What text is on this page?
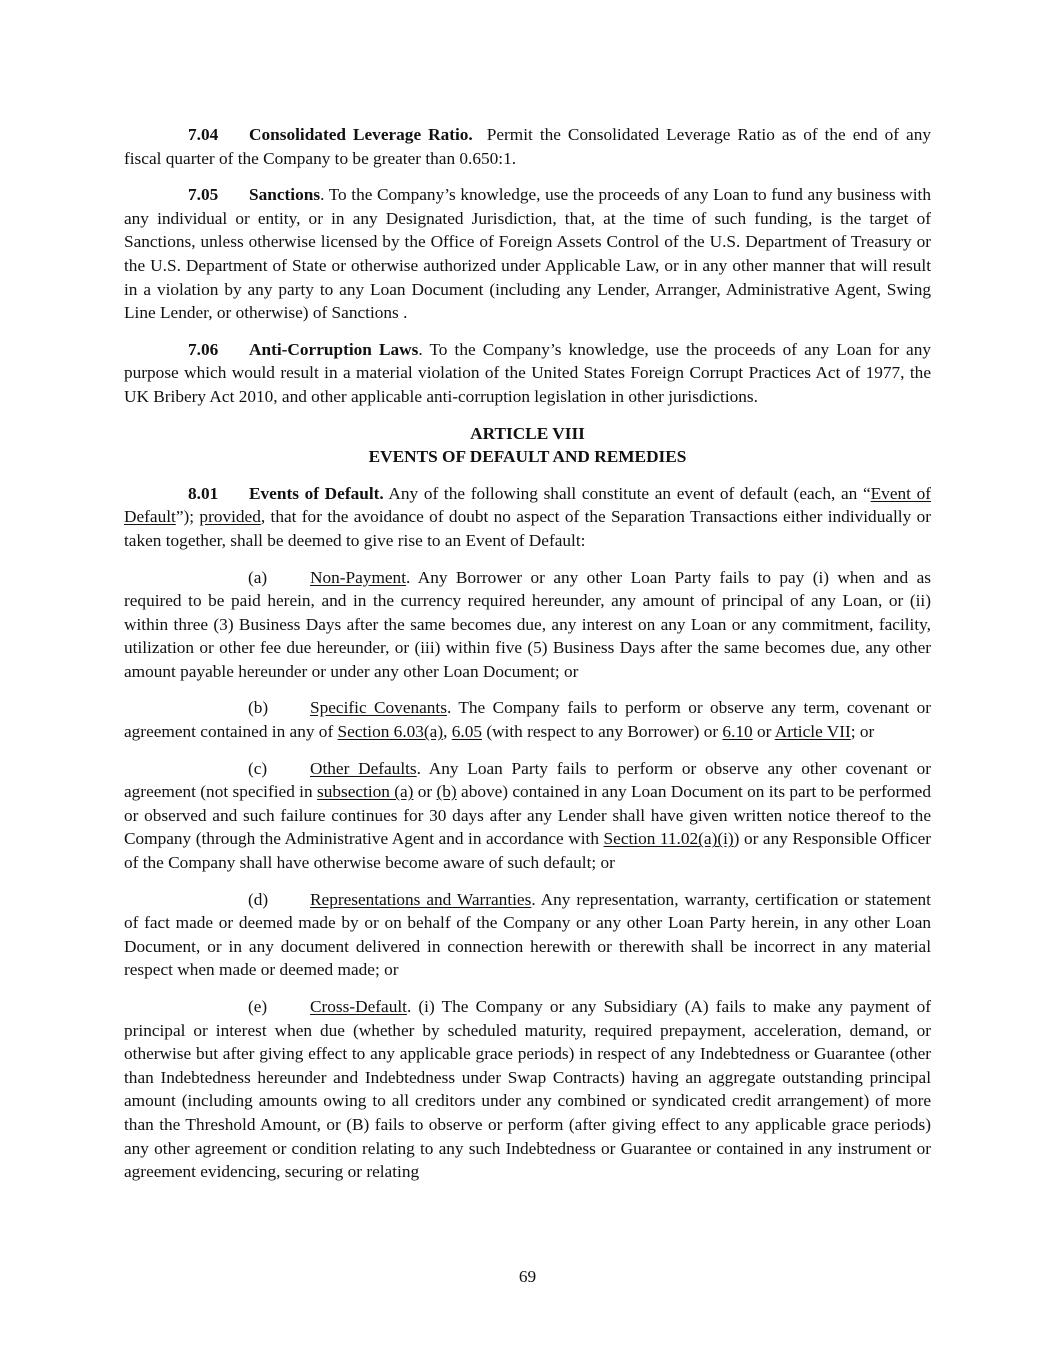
7.04 Consolidated Leverage Ratio. Permit the Consolidated Leverage Ratio as of the end of any fiscal quarter of the Company to be greater than 0.650:1.

7.05 Sanctions. To the Company’s knowledge, use the proceeds of any Loan to fund any business with any individual or entity, or in any Designated Jurisdiction, that, at the time of such funding, is the target of Sanctions, unless otherwise licensed by the Office of Foreign Assets Control of the U.S. Department of Treasury or the U.S. Department of State or otherwise authorized under Applicable Law, or in any other manner that will result in a violation by any party to any Loan Document (including any Lender, Arranger, Administrative Agent, Swing Line Lender, or otherwise) of Sanctions .

7.06 Anti-Corruption Laws. To the Company’s knowledge, use the proceeds of any Loan for any purpose which would result in a material violation of the United States Foreign Corrupt Practices Act of 1977, the UK Bribery Act 2010, and other applicable anti-corruption legislation in other jurisdictions.

ARTICLE VIII
EVENTS OF DEFAULT AND REMEDIES

8.01 Events of Default. Any of the following shall constitute an event of default (each, an “Event of Default”); provided, that for the avoidance of doubt no aspect of the Separation Transactions either individually or taken together, shall be deemed to give rise to an Event of Default:

(a) Non-Payment. Any Borrower or any other Loan Party fails to pay (i) when and as required to be paid herein, and in the currency required hereunder, any amount of principal of any Loan, or (ii) within three (3) Business Days after the same becomes due, any interest on any Loan or any commitment, facility, utilization or other fee due hereunder, or (iii) within five (5) Business Days after the same becomes due, any other amount payable hereunder or under any other Loan Document; or

(b) Specific Covenants. The Company fails to perform or observe any term, covenant or agreement contained in any of Section 6.03(a), 6.05 (with respect to any Borrower) or 6.10 or Article VII; or

(c) Other Defaults. Any Loan Party fails to perform or observe any other covenant or agreement (not specified in subsection (a) or (b) above) contained in any Loan Document on its part to be performed or observed and such failure continues for 30 days after any Lender shall have given written notice thereof to the Company (through the Administrative Agent and in accordance with Section 11.02(a)(i)) or any Responsible Officer of the Company shall have otherwise become aware of such default; or

(d) Representations and Warranties. Any representation, warranty, certification or statement of fact made or deemed made by or on behalf of the Company or any other Loan Party herein, in any other Loan Document, or in any document delivered in connection herewith or therewith shall be incorrect in any material respect when made or deemed made; or

(e) Cross-Default. (i) The Company or any Subsidiary (A) fails to make any payment of principal or interest when due (whether by scheduled maturity, required prepayment, acceleration, demand, or otherwise but after giving effect to any applicable grace periods) in respect of any Indebtedness or Guarantee (other than Indebtedness hereunder and Indebtedness under Swap Contracts) having an aggregate outstanding principal amount (including amounts owing to all creditors under any combined or syndicated credit arrangement) of more than the Threshold Amount, or (B) fails to observe or perform (after giving effect to any applicable grace periods) any other agreement or condition relating to any such Indebtedness or Guarantee or contained in any instrument or agreement evidencing, securing or relating

69
